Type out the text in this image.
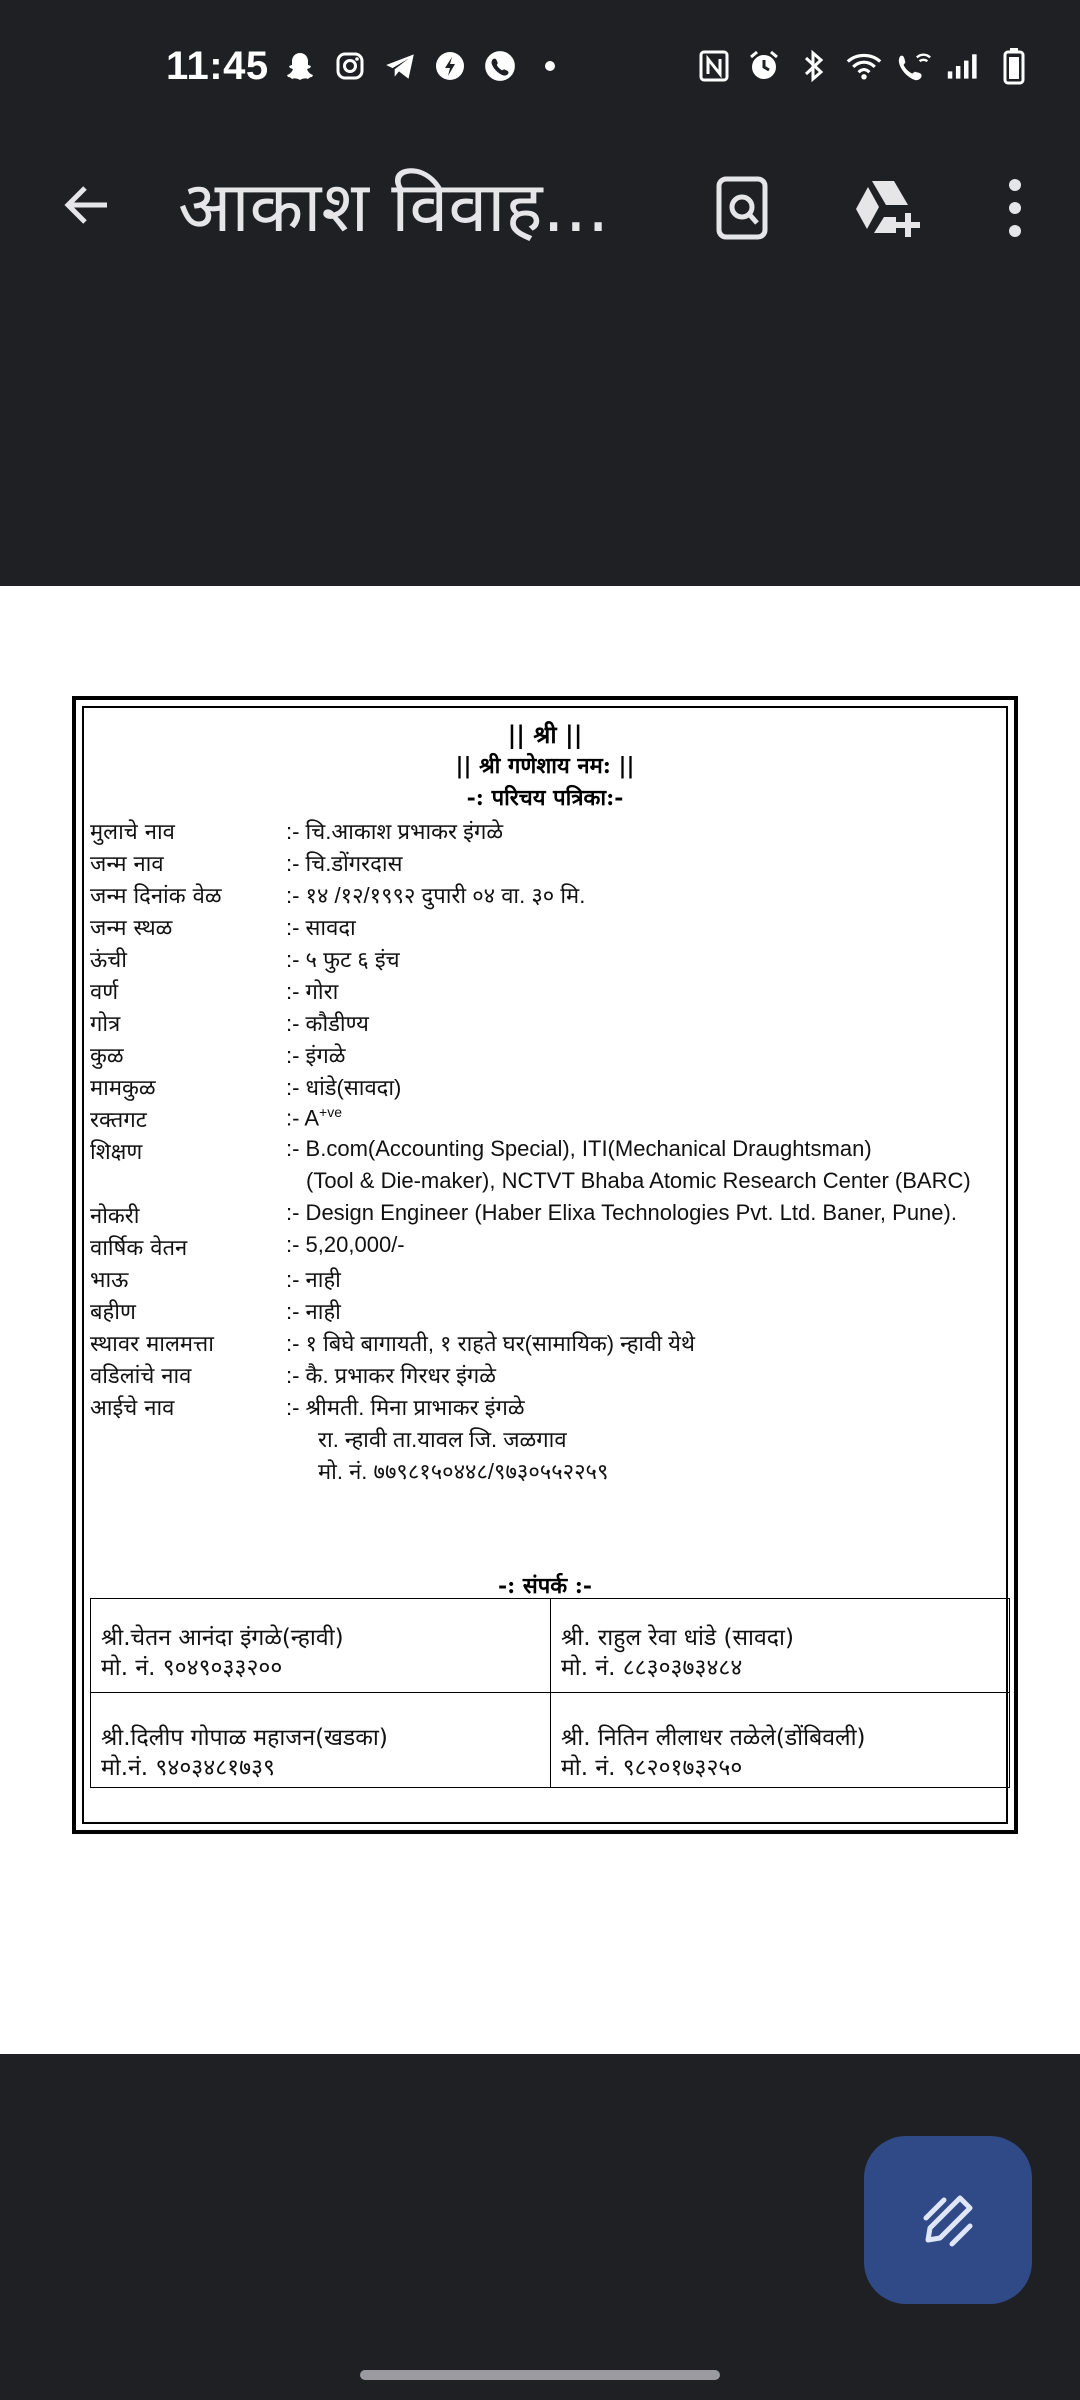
11:45
आकाश विवाह...
|| श्री ||
|| श्री गणेशाय नम: ||
-: परिचय पत्रिका:-
मुलाचे नाव	:- चि.आकाश प्रभाकर इंगळे
जन्म नाव	:- चि.डोंगरदास
जन्म दिनांक वेळ	:- १४ /१२/१९९२ दुपारी ०४ वा. ३० मि.
जन्म स्थळ	:- सावदा
ऊंची	:- ५ फुट ६ इंच
वर्ण	:- गोरा
गोत्र	:- कौडीण्य
कुळ	:- इंगळे
मामकुळ	:- धांडे(सावदा)
रक्तगट	:- $A^{+ve}$
शिक्षण	:- B.com(Accounting Special), ITI(Mechanical Draughtsman)
(Tool & Die-maker), NCTVT Bhaba Atomic Research Center (BARC)
नोकरी	:- Design Engineer (Haber Elixa Technologies Pvt. Ltd. Baner, Pune).
वार्षिक वेतन	:- 5,20,000/-
भाऊ	:- नाही
बहीण	:- नाही
स्थावर मालमत्ता	:- १ बिघे बागायती, १ राहते घर(सामायिक) न्हावी येथे
वडिलांचे नाव	:- कै. प्रभाकर गिरधर इंगळे
आईचे नाव	:- श्रीमती. मिना प्राभाकर इंगळे
रा. न्हावी ता.यावल जि. जळगाव
मो. नं. ७७९८१५०४४८/९७३०५५२२५९
-: संपर्क :-
श्री.चेतन आनंदा इंगळे(न्हावी)
मो. नं. ९०४९०३३२००
श्री. राहुल रेवा धांडे (सावदा)
मो. नं. ८८३०३७३४८४
श्री.दिलीप गोपाळ महाजन(खडका)
मो.नं. ९४०३४८१७३९
श्री. नितिन लीलाधर तळेले(डोंबिवली)
मो. नं. ९८२०१७३२५०
